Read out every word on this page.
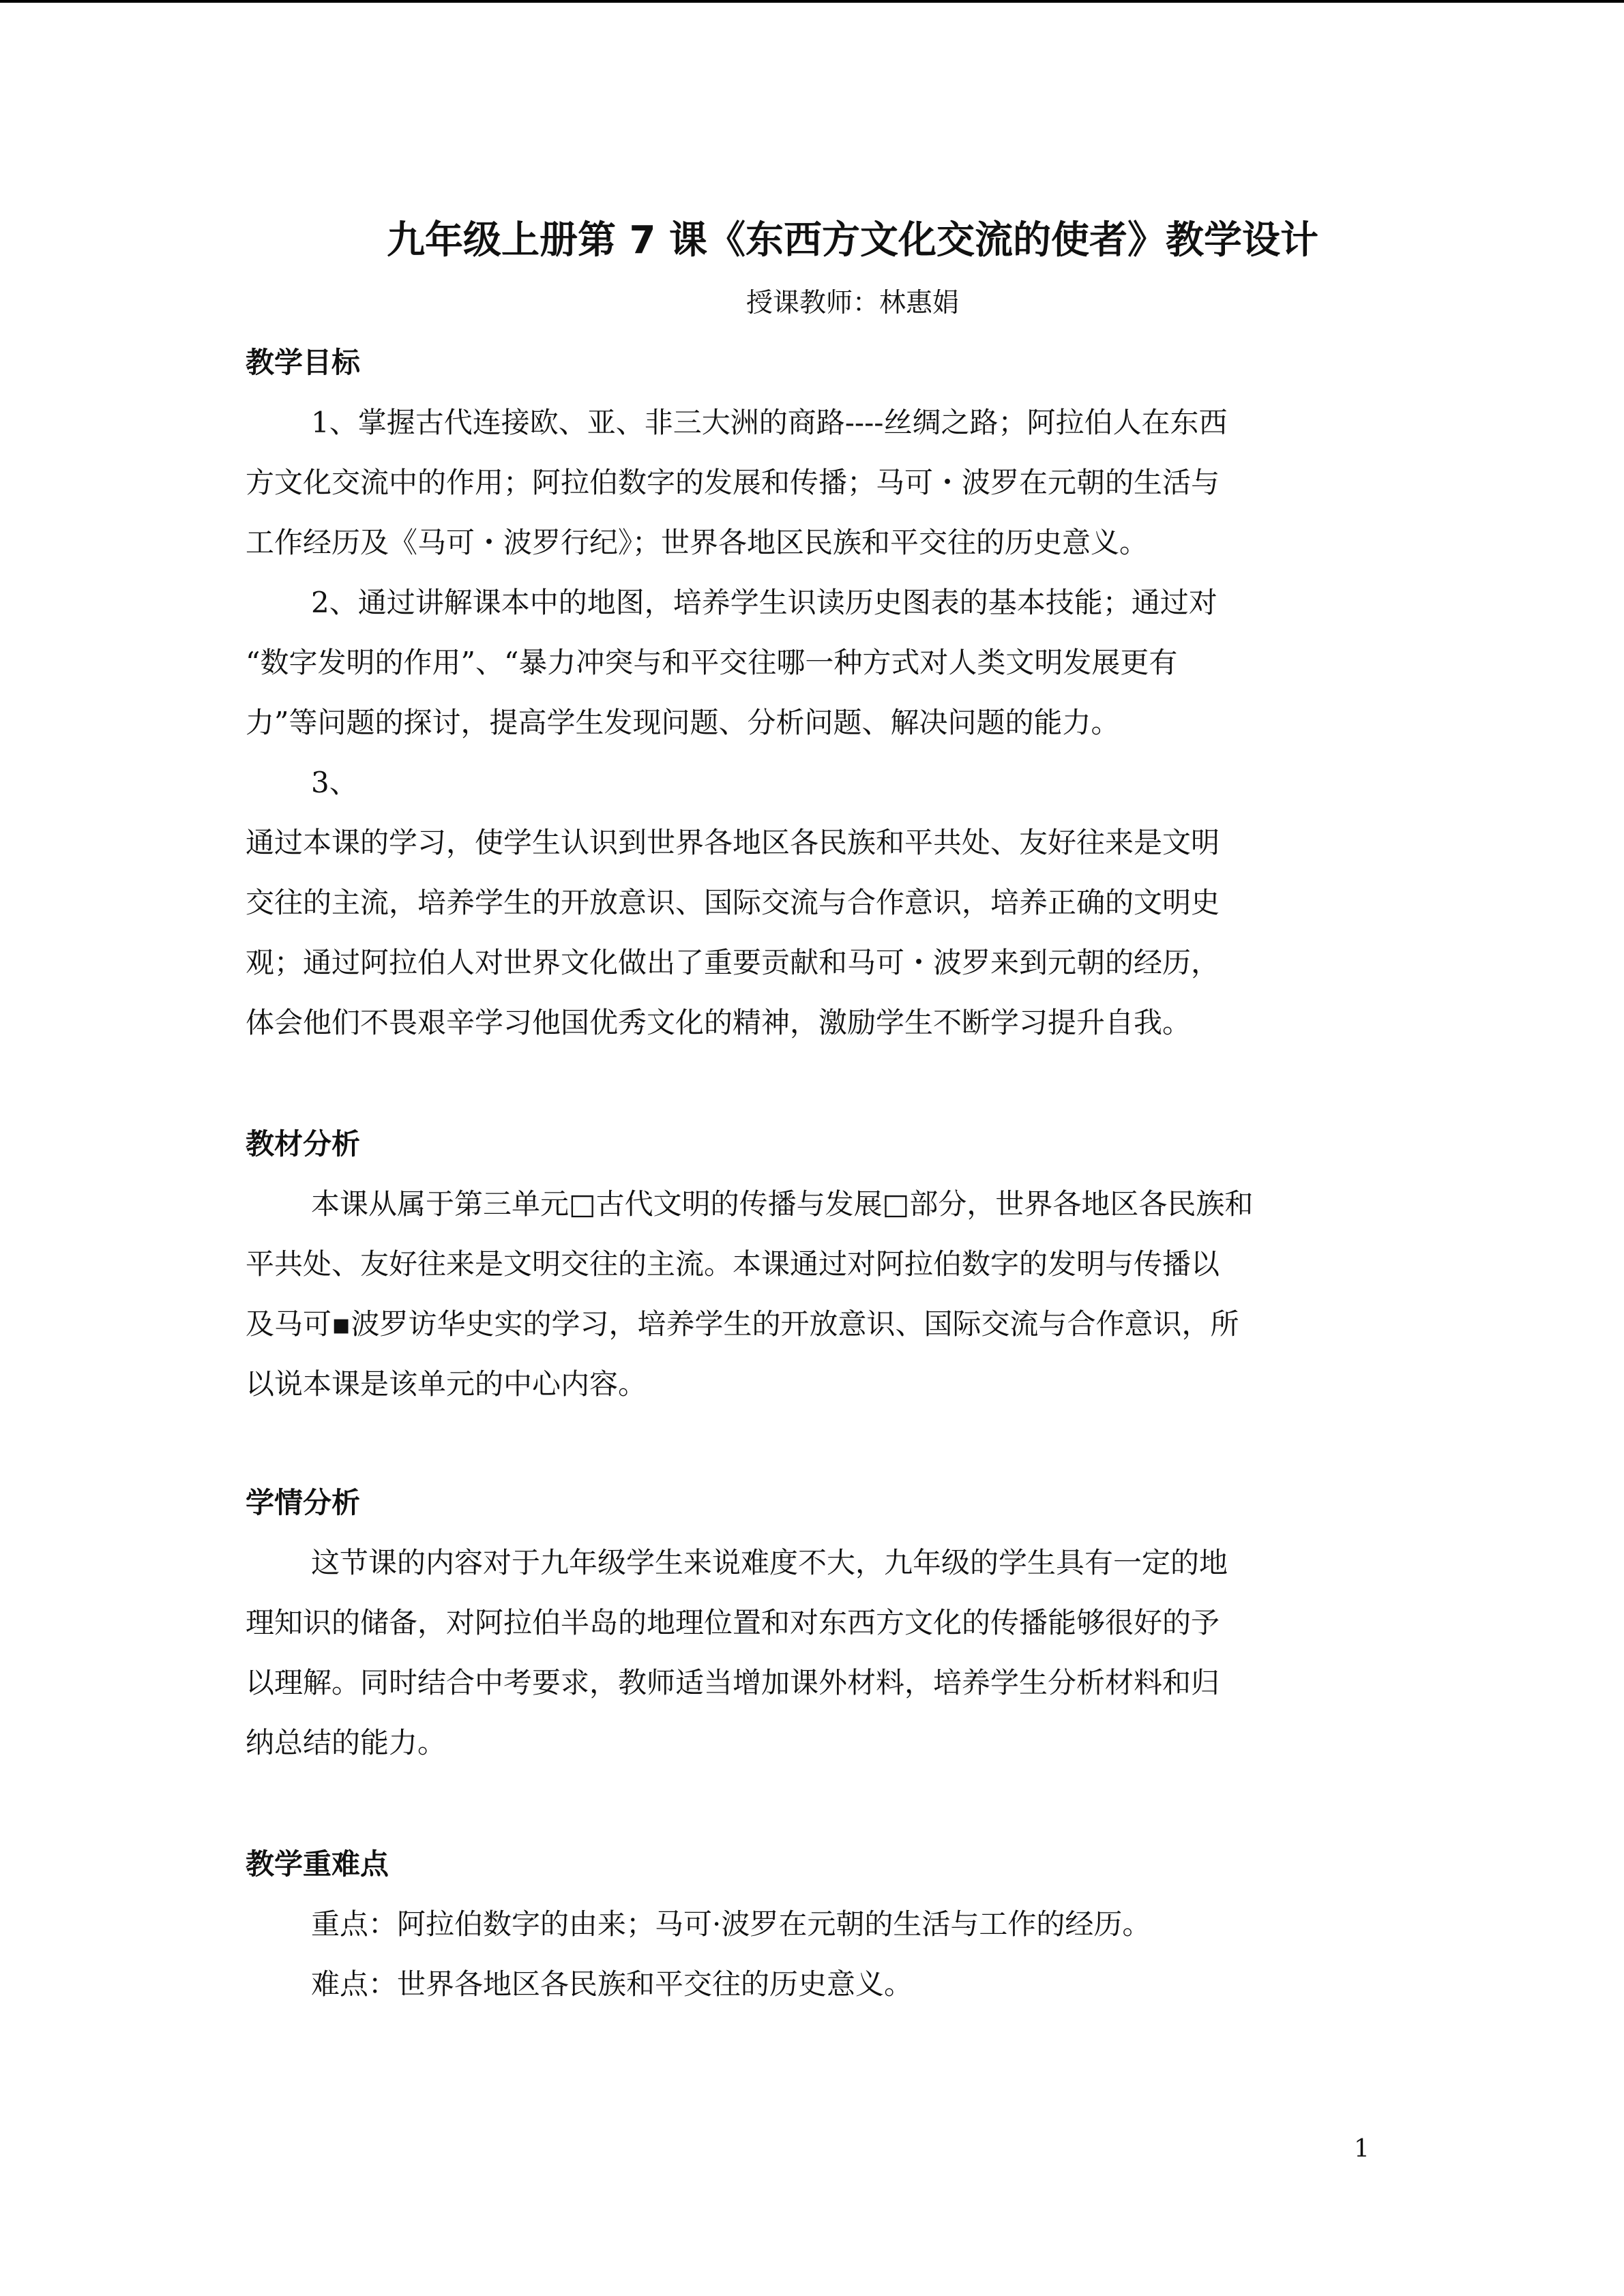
九年级上册第 7 课《东西方文化交流的使者》教学设计

授课教师：林惠娟

教学目标

1、掌握古代连接欧、亚、非三大洲的商路----丝绸之路；阿拉伯人在东西
方文化交流中的作用；阿拉伯数字的发展和传播；马可・波罗在元朝的生活与
工作经历及《马可・波罗行纪》；世界各地区民族和平交往的历史意义。

2、通过讲解课本中的地图，培养学生识读历史图表的基本技能；通过对
“数字发明的作用”、“暴力冲突与和平交往哪一种方式对人类文明发展更有
力”等问题的探讨，提高学生发现问题、分析问题、解决问题的能力。

3、

通过本课的学习，使学生认识到世界各地区各民族和平共处、友好往来是文明
交往的主流，培养学生的开放意识、国际交流与合作意识，培养正确的文明史
观；通过阿拉伯人对世界文化做出了重要贡献和马可・波罗来到元朝的经历，
体会他们不畏艰辛学习他国优秀文化的精神，激励学生不断学习提升自我。

教材分析

本课从属于第三单元□古代文明的传播与发展□部分，世界各地区各民族和
平共处、友好往来是文明交往的主流。本课通过对阿拉伯数字的发明与传播以
及马可▪波罗访华史实的学习，培养学生的开放意识、国际交流与合作意识，所
以说本课是该单元的中心内容。

学情分析

这节课的内容对于九年级学生来说难度不大，九年级的学生具有一定的地
理知识的储备，对阿拉伯半岛的地理位置和对东西方文化的传播能够很好的予
以理解。同时结合中考要求，教师适当增加课外材料，培养学生分析材料和归
纳总结的能力。

教学重难点

重点：阿拉伯数字的由来；马可·波罗在元朝的生活与工作的经历。

难点：世界各地区各民族和平交往的历史意义。

1
